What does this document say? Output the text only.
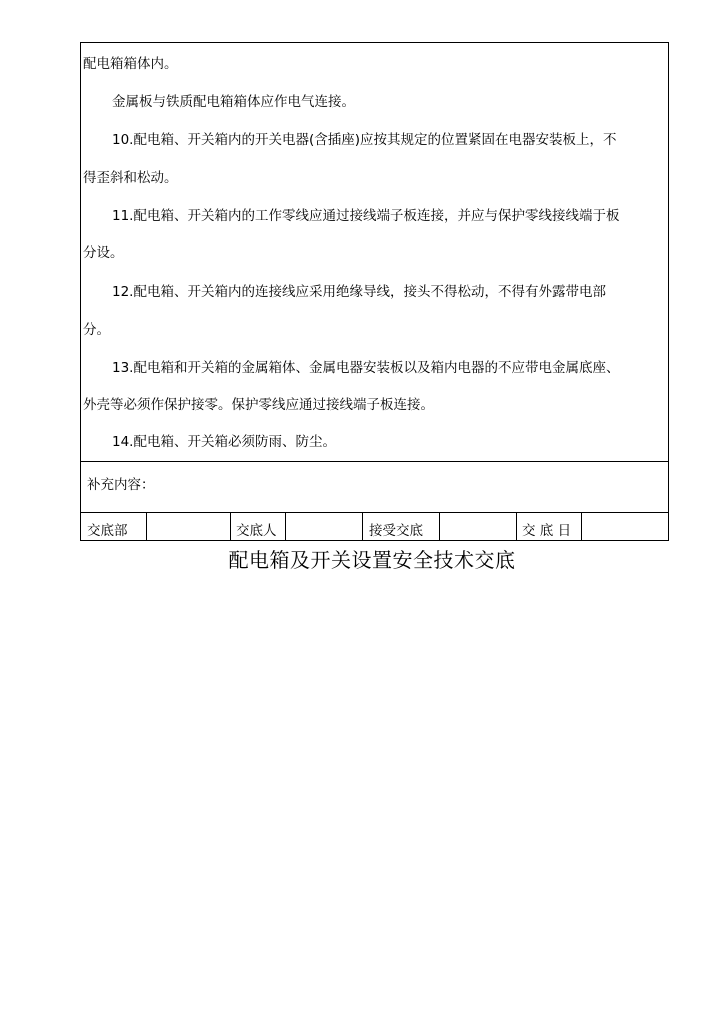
配电箱箱体内。
金属板与铁质配电箱箱体应作电气连接。
10.配电箱、开关箱内的开关电器(含插座)应按其规定的位置紧固在电器安装板上，不
得歪斜和松动。
11.配电箱、开关箱内的工作零线应通过接线端子板连接，并应与保护零线接线端于板
分设。
12.配电箱、开关箱内的连接线应采用绝缘导线，接头不得松动，不得有外露带电部
分。
13.配电箱和开关箱的金属箱体、金属电器安装板以及箱内电器的不应带电金属底座、
外壳等必须作保护接零。保护零线应通过接线端子板连接。
14.配电箱、开关箱必须防雨、防尘。
补充内容：
交底部	交底人	接受交底	交 底 日
配电箱及开关设置安全技术交底
